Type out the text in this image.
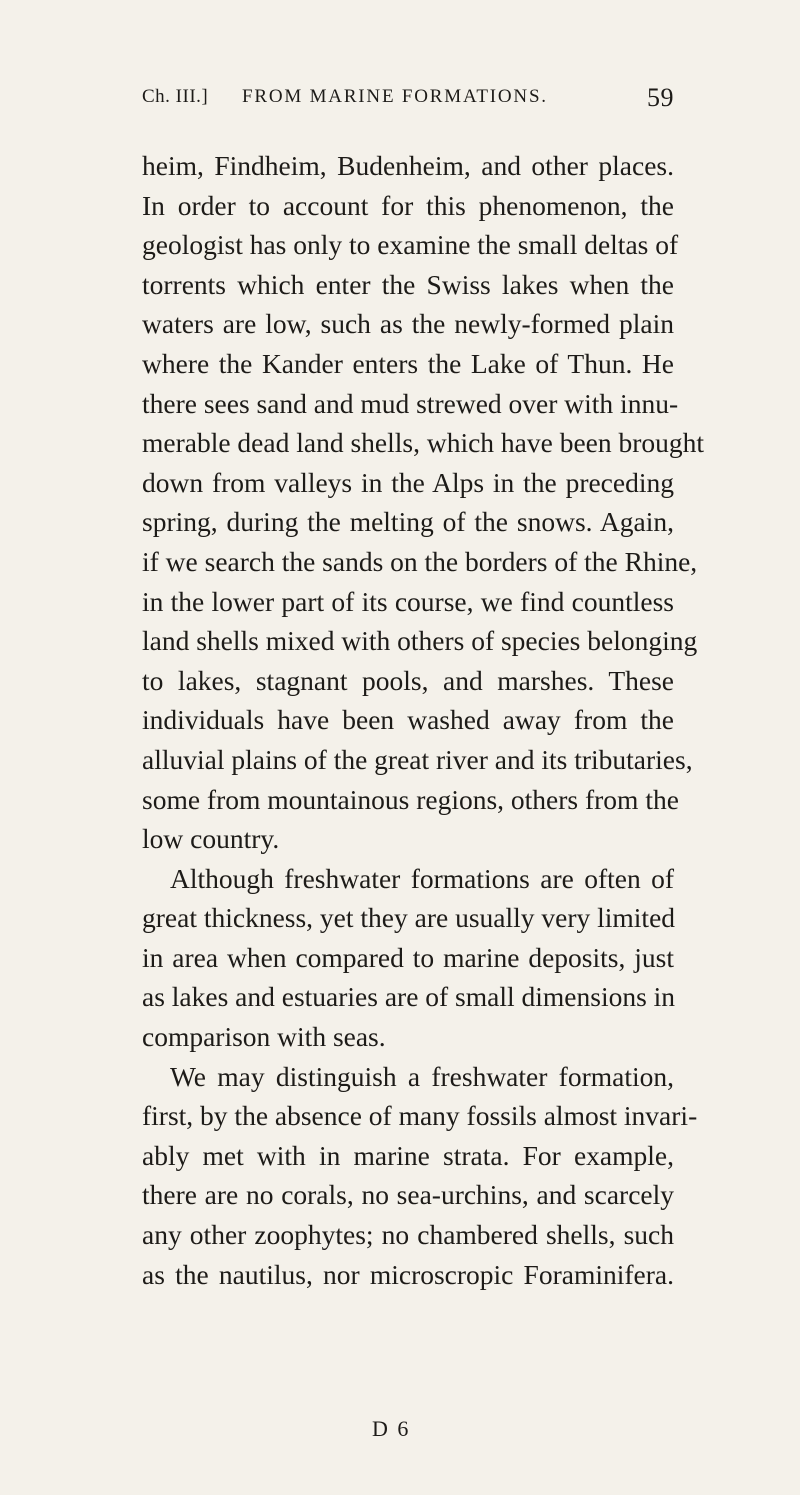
Ch. III.] FROM MARINE FORMATIONS.	59
heim, Findheim, Budenheim, and other places.
In order to account for this phenomenon, the
geologist has only to examine the small deltas of
torrents which enter the Swiss lakes when the
waters are low, such as the newly-formed plain
where the Kander enters the Lake of Thun. He
there sees sand and mud strewed over with innu-
merable dead land shells, which have been brought
down from valleys in the Alps in the preceding
spring, during the melting of the snows. Again,
if we search the sands on the borders of the Rhine,
in the lower part of its course, we find countless
land shells mixed with others of species belonging
to lakes, stagnant pools, and marshes. These
individuals have been washed away from the
alluvial plains of the great river and its tributaries,
some from mountainous regions, others from the
low country.
Although freshwater formations are often of
great thickness, yet they are usually very limited
in area when compared to marine deposits, just
as lakes and estuaries are of small dimensions in
comparison with seas.
We may distinguish a freshwater formation,
first, by the absence of many fossils almost invari-
ably met with in marine strata. For example,
there are no corals, no sea-urchins, and scarcely
any other zoophytes; no chambered shells, such
as the nautilus, nor microscropic Foraminifera.
D 6
